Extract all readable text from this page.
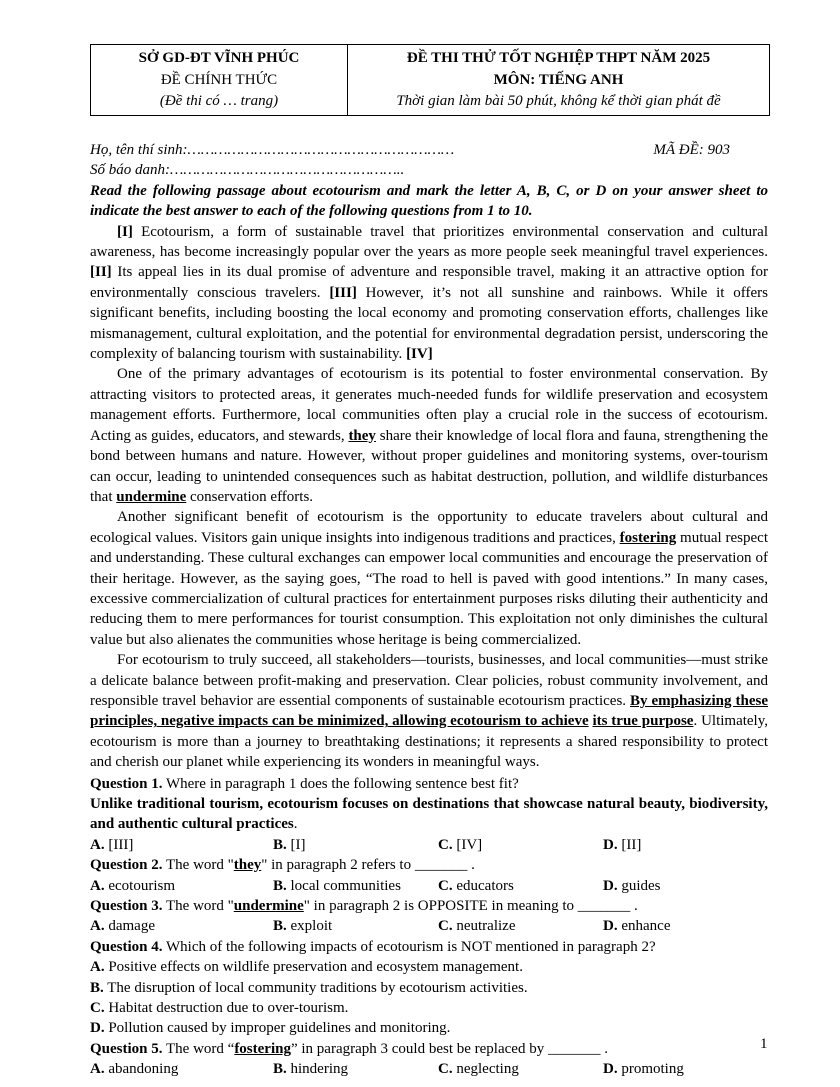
SỞ GD-ĐT VĨNH PHÚC
ĐỀ CHÍNH THỨC
(Đề thi có … trang)
ĐỀ THI THỬ TỐT NGHIỆP THPT NĂM 2025
MÔN: TIẾNG ANH
Thời gian làm bài 50 phút, không kể thời gian phát đề
Họ, tên thí sinh:……………………………………………………	MÃ ĐỀ: 903
Số báo danh:……………………………………………..

Read the following passage about ecotourism and mark the letter A, B, C, or D on your answer sheet to indicate the best answer to each of the following questions from 1 to 10.

[I] Ecotourism, a form of sustainable travel that prioritizes environmental conservation and cultural awareness, has become increasingly popular over the years as more people seek meaningful travel experiences. [II] Its appeal lies in its dual promise of adventure and responsible travel, making it an attractive option for environmentally conscious travelers. [III] However, it’s not all sunshine and rainbows. While it offers significant benefits, including boosting the local economy and promoting conservation efforts, challenges like mismanagement, cultural exploitation, and the potential for environmental degradation persist, underscoring the complexity of balancing tourism with sustainability. [IV]

One of the primary advantages of ecotourism is its potential to foster environmental conservation. By attracting visitors to protected areas, it generates much-needed funds for wildlife preservation and ecosystem management efforts. Furthermore, local communities often play a crucial role in the success of ecotourism. Acting as guides, educators, and stewards, they share their knowledge of local flora and fauna, strengthening the bond between humans and nature. However, without proper guidelines and monitoring systems, over-tourism can occur, leading to unintended consequences such as habitat destruction, pollution, and wildlife disturbances that undermine conservation efforts.

Another significant benefit of ecotourism is the opportunity to educate travelers about cultural and ecological values. Visitors gain unique insights into indigenous traditions and practices, fostering mutual respect and understanding. These cultural exchanges can empower local communities and encourage the preservation of their heritage. However, as the saying goes, “The road to hell is paved with good intentions.” In many cases, excessive commercialization of cultural practices for entertainment purposes risks diluting their authenticity and reducing them to mere performances for tourist consumption. This exploitation not only diminishes the cultural value but also alienates the communities whose heritage is being commercialized.

For ecotourism to truly succeed, all stakeholders—tourists, businesses, and local communities—must strike a delicate balance between profit-making and preservation. Clear policies, robust community involvement, and responsible travel behavior are essential components of sustainable ecotourism practices. By emphasizing these principles, negative impacts can be minimized, allowing ecotourism to achieve its true purpose. Ultimately, ecotourism is more than a journey to breathtaking destinations; it represents a shared responsibility to protect and cherish our planet while experiencing its wonders in meaningful ways.

Question 1. Where in paragraph 1 does the following sentence best fit?

Unlike traditional tourism, ecotourism focuses on destinations that showcase natural beauty, biodiversity, and authentic cultural practices.

A. [III]	B. [I]	C. [IV]	D. [II]

Question 2. The word "they" in paragraph 2 refers to _______ .

A. ecotourism	B. local communities	C. educators	D. guides

Question 3. The word "undermine" in paragraph 2 is OPPOSITE in meaning to _______ .

A. damage	B. exploit	C. neutralize	D. enhance

Question 4. Which of the following impacts of ecotourism is NOT mentioned in paragraph 2?

A. Positive effects on wildlife preservation and ecosystem management.

B. The disruption of local community traditions by ecotourism activities.

C. Habitat destruction due to over-tourism.

D. Pollution caused by improper guidelines and monitoring.

Question 5. The word “fostering” in paragraph 3 could best be replaced by _______ .

A. abandoning	B. hindering	C. neglecting	D. promoting
1
